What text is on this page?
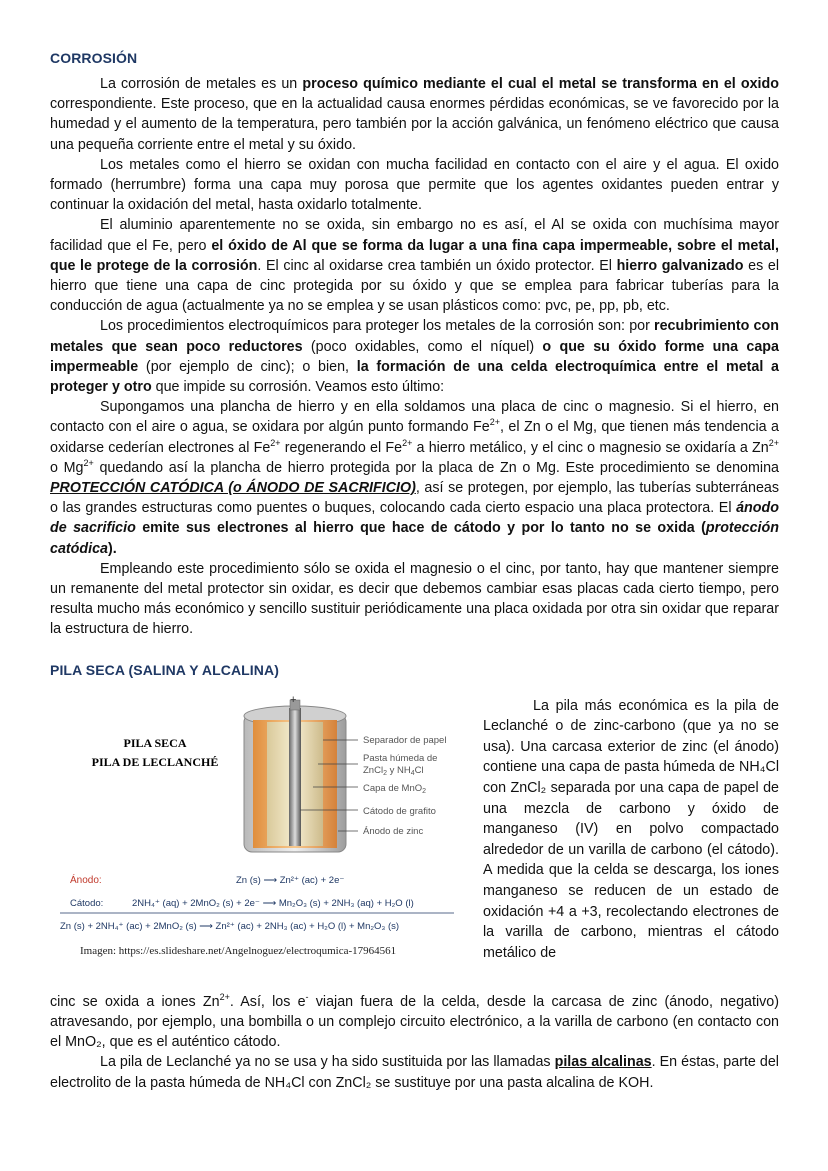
CORROSIÓN

La corrosión de metales es un proceso químico mediante el cual el metal se transforma en el oxido correspondiente. Este proceso, que en la actualidad causa enormes pérdidas económicas, se ve favorecido por la humedad y el aumento de la temperatura, pero también por la acción galvánica, un fenómeno eléctrico que causa una pequeña corriente entre el metal y su óxido.

Los metales como el hierro se oxidan con mucha facilidad en contacto con el aire y el agua. El oxido formado (herrumbre) forma una capa muy porosa que permite que los agentes oxidantes pueden entrar y continuar la oxidación del metal, hasta oxidarlo totalmente.

El aluminio aparentemente no se oxida, sin embargo no es así, el Al se oxida con muchísima mayor facilidad que el Fe, pero el óxido de Al que se forma da lugar a una fina capa impermeable, sobre el metal, que le protege de la corrosión. El cinc al oxidarse crea también un óxido protector. El hierro galvanizado es el hierro que tiene una capa de cinc protegida por su óxido y que se emplea para fabricar tuberías para la conducción de agua (actualmente ya no se emplea y se usan plásticos como: pvc, pe, pp, pb, etc.

Los procedimientos electroquímicos para proteger los metales de la corrosión son: por recubrimiento con metales que sean poco reductores (poco oxidables, como el níquel) o que su óxido forme una capa impermeable (por ejemplo de cinc); o bien, la formación de una celda electroquímica entre el metal a proteger y otro que impide su corrosión. Veamos esto último:

Supongamos una plancha de hierro y en ella soldamos una placa de cinc o magnesio. Si el hierro, en contacto con el aire o agua, se oxidara por algún punto formando $Fe^{2+}$, el Zn o el Mg, que tienen más tendencia a oxidarse cederían electrones al $Fe^{2+}$ regenerando el $Fe^{2+}$ a hierro metálico, y el cinc o magnesio se oxidaría a $Zn^{2+}$ o $Mg^{2+}$ quedando así la plancha de hierro protegida por la placa de Zn o Mg. Este procedimiento se denomina PROTECCIÓN CATÓDICA (o ÁNODO DE SACRIFICIO), así se protegen, por ejemplo, las tuberías subterráneas o las grandes estructuras como puentes o buques, colocando cada cierto espacio una placa protectora. El ánodo de sacrificio emite sus electrones al hierro que hace de cátodo y por lo tanto no se oxida (protección catódica).

Empleando este procedimiento sólo se oxida el magnesio o el cinc, por tanto, hay que mantener siempre un remanente del metal protector sin oxidar, es decir que debemos cambiar esas placas cada cierto tiempo, pero resulta mucho más económico y sencillo sustituir periódicamente una placa oxidada por otra sin oxidar que reparar la estructura de hierro.

PILA SECA (SALINA Y ALCALINA)
PILA SECA
PILA DE LECLANCHÉ
+
Separador de papel
Pasta húmeda de
ZnCl$_2$ y $NH_4Cl$
Capa de MnO$_2$
Cátodo de grafito
Ánodo de zinc
Ánodo:	Zn (s) ⟶ Zn²⁺ (ac) + 2e⁻
Cátodo:	2NH₄⁺ (aq) + 2MnO₂ (s) + 2e⁻ ⟶ Mn₂O₃ (s) + 2NH₃ (aq) + H₂O (l)
Zn (s) + 2NH₄⁺ (ac) + 2MnO₂ (s) ⟶ Zn²⁺ (ac) + 2NH₃ (ac) + H₂O (l) + Mn₂O₃ (s)
Imagen: https://es.slideshare.net/Angelnoguez/electroqumica-17964561

La pila más económica es la pila de Leclanché o de zinc-carbono (que ya no se usa). Una carcasa exterior de zinc (el ánodo) contiene una capa de pasta húmeda de NH₄Cl con ZnCl₂ separada por una capa de papel de una mezcla de carbono y óxido de manganeso (IV) en polvo compactado alrededor de un varilla de carbono (el cátodo). A medida que la celda se descarga, los iones manganeso se reducen de un estado de oxidación +4 a +3, recolectando electrones de la varilla de carbono, mientras el cátodo metálico de

cinc se oxida a iones $Zn^{2+}$. Así, los e- viajan fuera de la celda, desde la carcasa de zinc (ánodo, negativo) atravesando, por ejemplo, una bombilla o un complejo circuito electrónico, a la varilla de carbono (en contacto con el MnO₂, que es el auténtico cátodo.

La pila de Leclanché ya no se usa y ha sido sustituida por las llamadas pilas alcalinas. En éstas, parte del electrolito de la pasta húmeda de NH₄Cl con ZnCl₂ se sustituye por una pasta alcalina de KOH.
